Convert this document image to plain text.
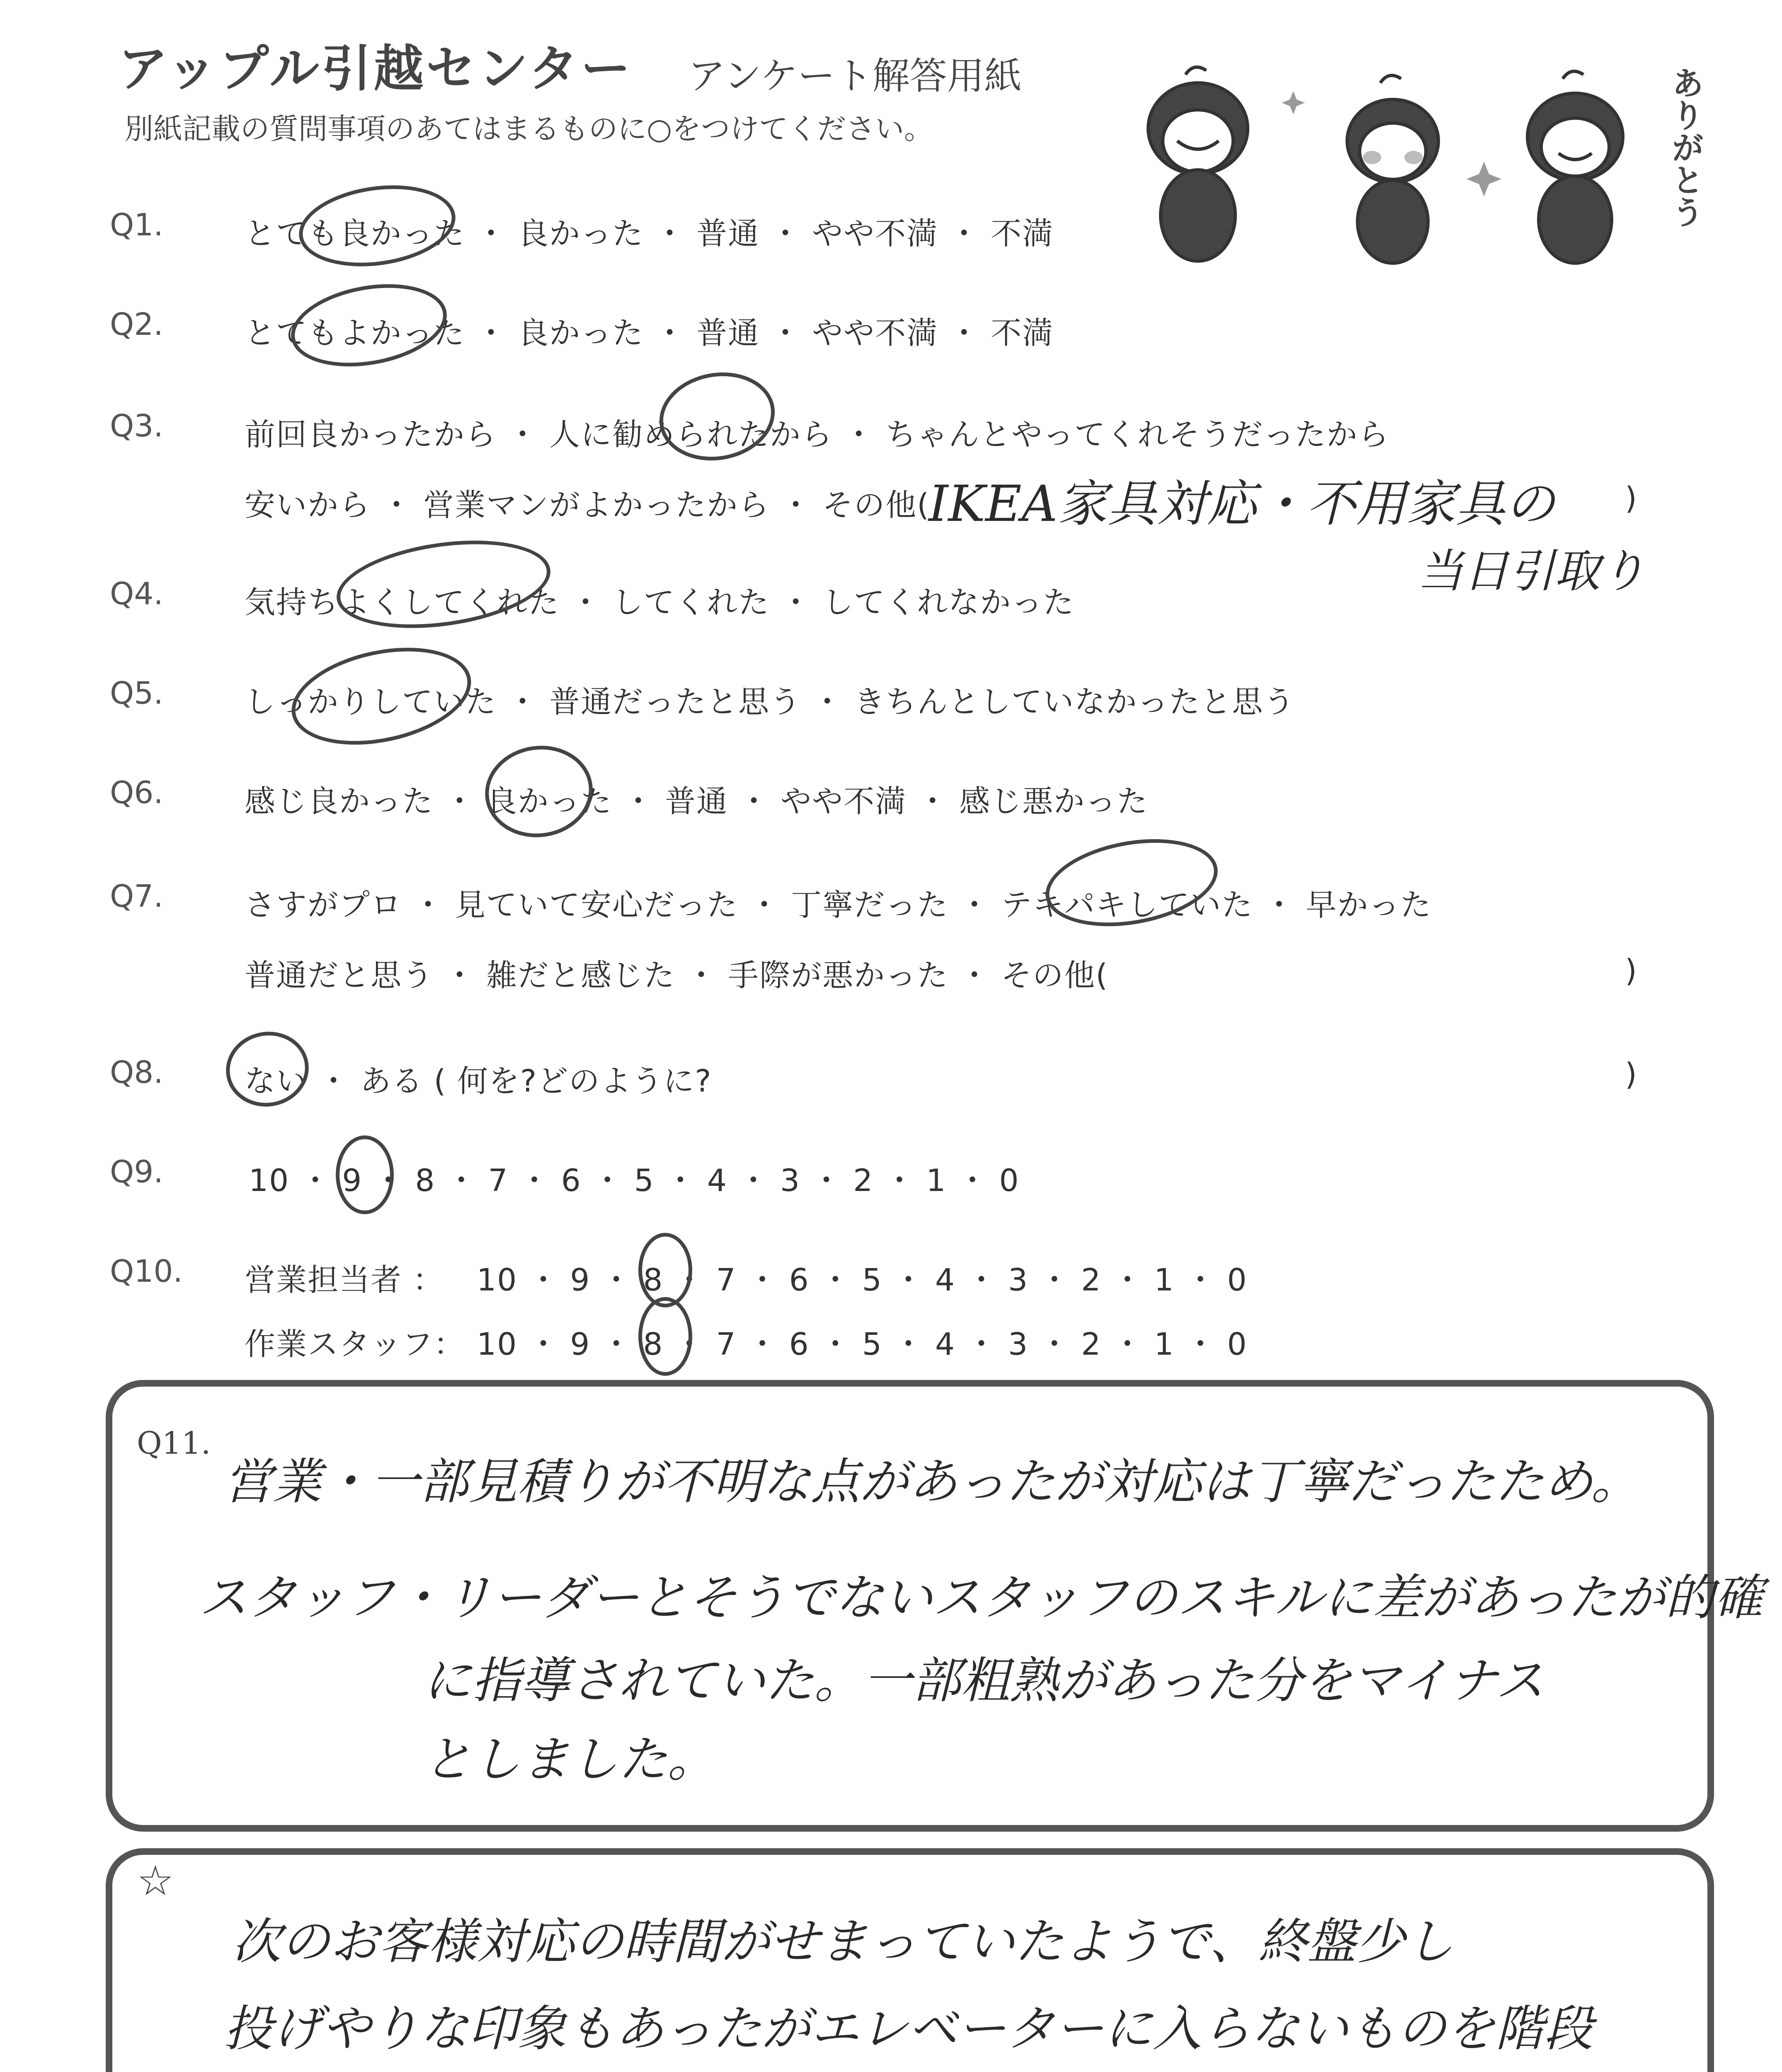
アップル引越センター アンケート解答用紙
別紙記載の質問事項のあてはまるものに○をつけてください。	ありがとう
Q1.	とても良かった ・ 良かった ・ 普通 ・ やや不満 ・ 不満
Q2.	とてもよかった ・ 良かった ・ 普通 ・ やや不満 ・ 不満
Q3.	前回良かったから ・ 人に勧められたから ・ ちゃんとやってくれそうだったから
安いから ・ 営業マンがよかったから ・ その他(
IKEA家具対応・不用家具の )
当日引取り
Q4.	気持ちよくしてくれた ・ してくれた ・ してくれなかった
Q5.	しっかりしていた ・ 普通だったと思う ・ きちんとしていなかったと思う
Q6.	感じ良かった ・ 良かった ・ 普通 ・ やや不満 ・ 感じ悪かった
Q7.	さすがプロ ・ 見ていて安心だった ・ 丁寧だった ・ テキパキしていた ・ 早かった
普通だと思う ・ 雑だと感じた ・ 手際が悪かった ・ その他(	)
Q8.	ない ・ ある ( 何を?どのように?	)
Q9.	10 ・ 9 ・ 8 ・ 7 ・ 6 ・ 5 ・ 4 ・ 3 ・ 2 ・ 1 ・ 0
Q10. 営業担当者 ： 10 ・ 9 ・ 8 ・ 7 ・ 6 ・ 5 ・ 4 ・ 3 ・ 2 ・ 1 ・ 0
作業スタッフ： 10 ・ 9 ・ 8 ・ 7 ・ 6 ・ 5 ・ 4 ・ 3 ・ 2 ・ 1 ・ 0
Q11.
営業・一部見積りが不明な点があったが対応は丁寧だったため。
スタッフ・リーダーとそうでないスタッフのスキルに差があったが的確
に指導されていた。一部粗熟があった分をマイナス
としました。
☆
次のお客様対応の時間がせまっていたようで、終盤少し
投げやりな印象もあったがエレベーターに入らないものを階段
